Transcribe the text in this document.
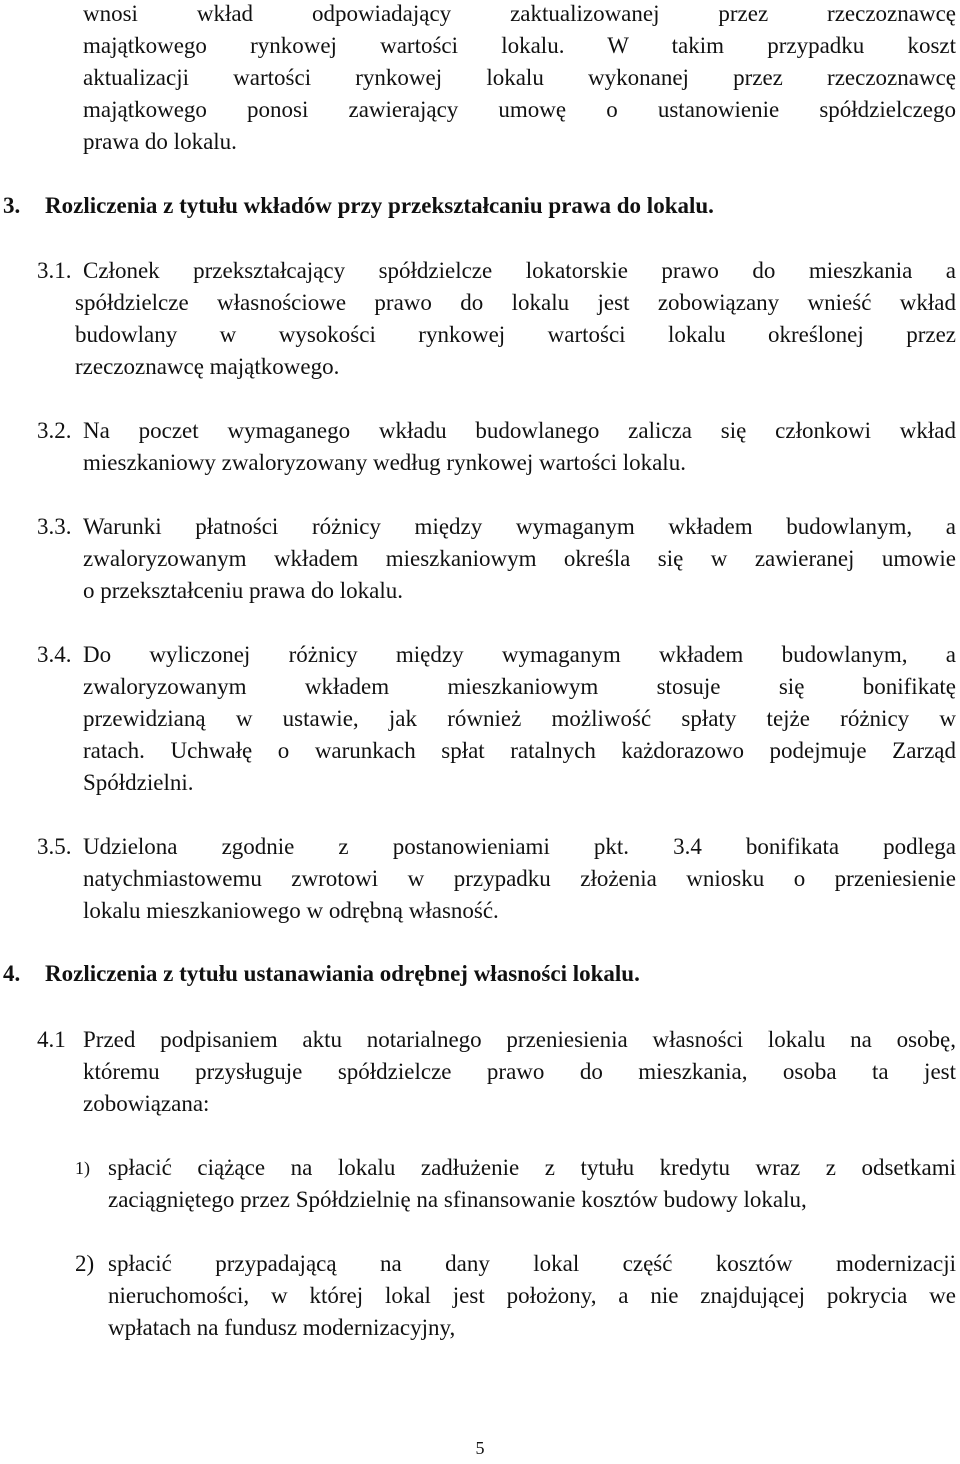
wnosi wkład odpowiadający zaktualizowanej przez rzeczoznawcę
majątkowego rynkowej wartości lokalu. W takim przypadku koszt
aktualizacji wartości rynkowej lokalu wykonanej przez rzeczoznawcę
majątkowego ponosi zawierający umowę o ustanowienie spółdzielczego
prawa do lokalu.
3. Rozliczenia z tytułu wkładów przy przekształcaniu prawa do lokalu.
3.1. Członek przekształcający spółdzielcze lokatorskie prawo do mieszkania a
spółdzielcze własnościowe prawo do lokalu jest zobowiązany wnieść wkład
budowlany w wysokości rynkowej wartości lokalu określonej przez
rzeczoznawcę majątkowego.
3.2. Na poczet wymaganego wkładu budowlanego zalicza się członkowi wkład
mieszkaniowy zwaloryzowany według rynkowej wartości lokalu.
3.3. Warunki płatności różnicy między wymaganym wkładem budowlanym, a
zwaloryzowanym wkładem mieszkaniowym określa się w zawieranej umowie
o przekształceniu prawa do lokalu.
3.4. Do wyliczonej różnicy między wymaganym wkładem budowlanym, a
zwaloryzowanym wkładem mieszkaniowym stosuje się bonifikatę
przewidzianą w ustawie, jak również możliwość spłaty tejże różnicy w
ratach. Uchwałę o warunkach spłat ratalnych każdorazowo podejmuje Zarząd
Spółdzielni.
3.5. Udzielona zgodnie z postanowieniami pkt. 3.4 bonifikata podlega
natychmiastowemu zwrotowi w przypadku złożenia wniosku o przeniesienie
lokalu mieszkaniowego w odrębną własność.
4. Rozliczenia z tytułu ustanawiania odrębnej własności lokalu.
4.1 Przed podpisaniem aktu notarialnego przeniesienia własności lokalu na osobę,
któremu przysługuje spółdzielcze prawo do mieszkania, osoba ta jest
zobowiązana:
1) spłacić ciążące na lokalu zadłużenie z tytułu kredytu wraz z odsetkami
zaciągniętego przez Spółdzielnię na sfinansowanie kosztów budowy lokalu,
2) spłacić przypadającą na dany lokal część kosztów modernizacji
nieruchomości, w której lokal jest położony, a nie znajdującej pokrycia we
wpłatach na fundusz modernizacyjny,
5
